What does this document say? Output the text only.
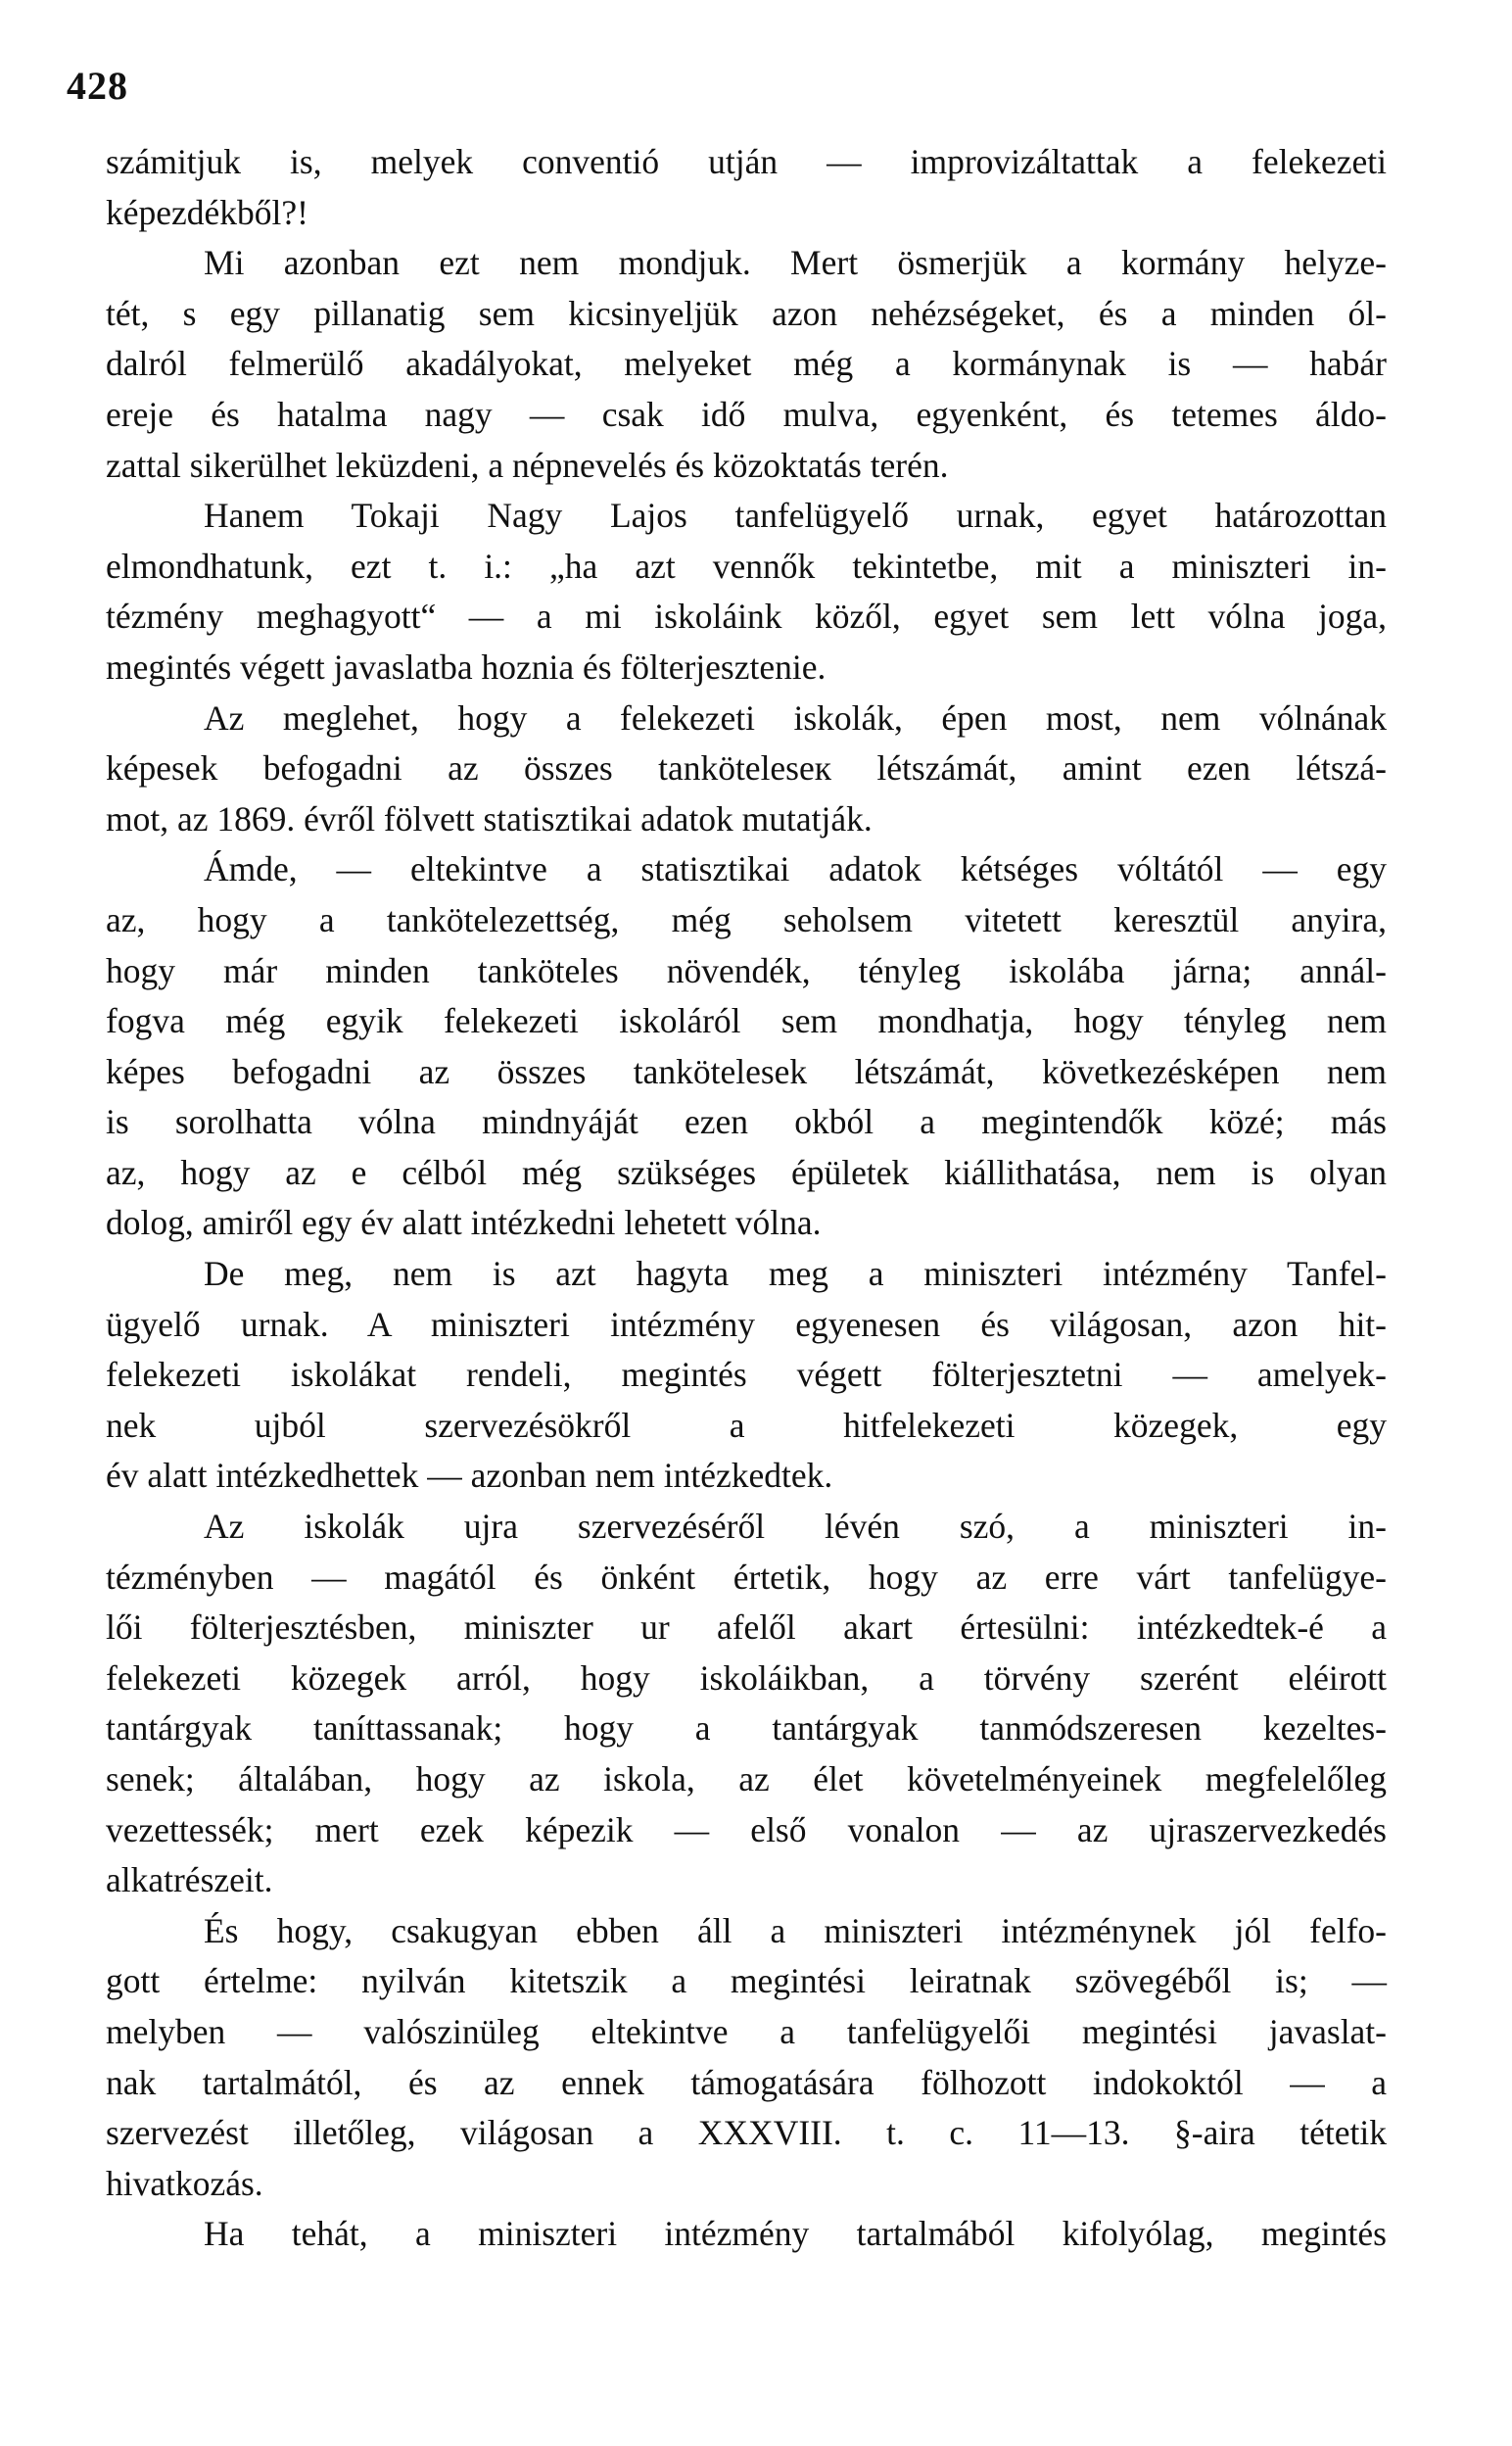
428
számitjuk is, melyek conventió utján — improvizáltattak a felekezeti
képezdékből?!
Mi azonban ezt nem mondjuk. Mert ösmerjük a kormány helyze-
tét, s egy pillanatig sem kicsinyeljük azon nehézségeket, és a minden ól-
dalról felmerülő akadályokat, melyeket még a kormánynak is — habár
ereje és hatalma nagy — csak idő mulva, egyenként, és tetemes áldo-
zattal sikerülhet leküzdeni, a népnevelés és közoktatás terén.
Hanem Tokaji Nagy Lajos tanfelügyelő urnak, egyet határozottan
elmondhatunk, ezt t. i.: „ha azt vennők tekintetbe, mit a miniszteri in-
tézmény meghagyott“ — a mi iskoláink közől, egyet sem lett vólna joga,
megintés végett javaslatba hoznia és fölterjesztenie.
Az meglehet, hogy a felekezeti iskolák, épen most, nem vólnának
képesek befogadni az összes tanköteleseк létszámát, amint ezen létszá-
mot, az 1869. évről fölvett statisztikai adatok mutatják.
Ámde, — eltekintve a statisztikai adatok kétséges vóltától — egy
az, hogy a tankötelezettség, még seholsem vitetett keresztül anyira,
hogy már minden tanköteles növendék, tényleg iskolába járna; annál-
fogva még egyik felekezeti iskoláról sem mondhatja, hogy tényleg nem
képes befogadni az összes tankötelesek létszámát, következésképen nem
is sorolhatta vólna mindnyáját ezen okból a megintendők közé; más
az, hogy az e célból még szükséges épületek kiállithatása, nem is olyan
dolog, amiről egy év alatt intézkedni lehetett vólna.
De meg, nem is azt hagyta meg a miniszteri intézmény Tanfel-
ügyelő urnak. A miniszteri intézmény egyenesen és világosan, azon hit-
felekezeti iskolákat rendeli, megintés végett fölterjesztetni — amelyek-
nek ujból szervezésökről a hitfelekezeti közegek, egy
év alatt intézkedhettek — azonban nem intézkedtek.
Az iskolák ujra szervezéséről lévén szó, a miniszteri in-
tézményben — magától és önként értetik, hogy az erre várt tanfelügye-
lői fölterjesztésben, miniszter ur afelől akart értesülni: intézkedtek-é a
felekezeti közegek arról, hogy iskoláikban, a törvény szerént eléirott
tantárgyak taníttassanak; hogy a tantárgyak tanmódszeresen kezeltes-
senek; általában, hogy az iskola, az élet követelményeinek megfelelőleg
vezettessék; mert ezek képezik — első vonalon — az ujraszervezkedés
alkatrészeit.
És hogy, csakugyan ebben áll a miniszteri intézménynek jól felfo-
gott értelme: nyilván kitetszik a megintési leiratnak szövegéből is; —
melyben — valószinüleg eltekintve a tanfelügyelői megintési javaslat-
nak tartalmától, és az ennek támogatására fölhozott indokoktól — a
szervezést illetőleg, világosan a XXXVIII. t. c. 11—13. §-aira tétetik
hivatkozás.
Ha tehát, a miniszteri intézmény tartalmából kifolyólag, megintés
